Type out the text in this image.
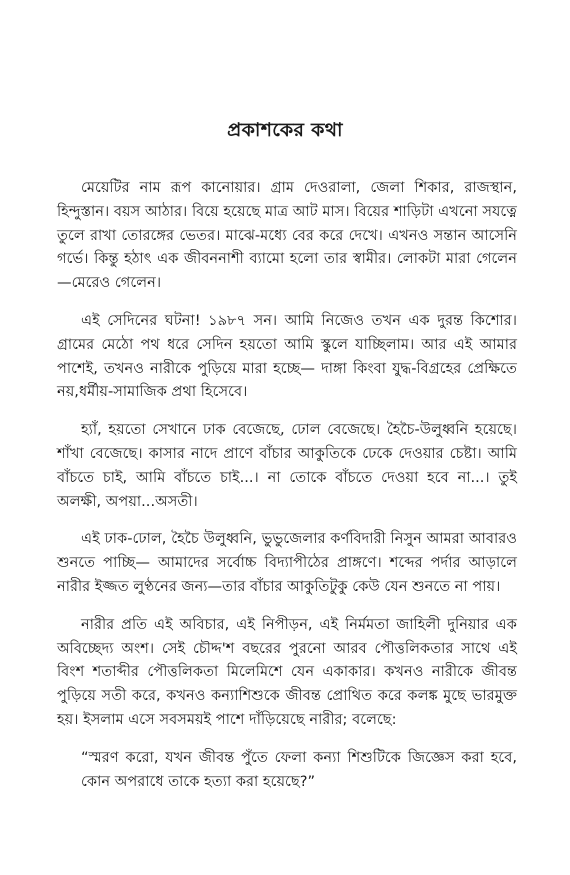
প্রকাশকের কথা

মেয়েটির নাম রূপ কানোয়ার। গ্রাম দেওরালা, জেলা শিকার, রাজস্থান, হিন্দুস্তান। বয়স আঠার। বিয়ে হয়েছে মাত্র আট মাস। বিয়ের শাড়িটা এখনো সযত্নে তুলে রাখা তোরঙ্গের ভেতর। মাঝে-মধ্যে বের করে দেখে। এখনও সন্তান আসেনি গর্ভে। কিন্তু হঠাৎ এক জীবননাশী ব্যামো হলো তার স্বামীর। লোকটা মারা গেলেন—মেরেও গেলেন।

এই সেদিনের ঘটনা! ১৯৮৭ সন। আমি নিজেও তখন এক দুরন্ত কিশোর। গ্রামের মেঠো পথ ধরে সেদিন হয়তো আমি স্কুলে যাচ্ছিলাম। আর এই আমার পাশেই, তখনও নারীকে পুড়িয়ে মারা হচ্ছে— দাঙ্গা কিংবা যুদ্ধ-বিগ্রহের প্রেক্ষিতে নয়,ধর্মীয়-সামাজিক প্রথা হিসেবে।

হ্যাঁ, হয়তো সেখানে ঢাক বেজেছে, ঢোল বেজেছে। হৈচৈ-উলুধ্বনি হয়েছে। শাঁখা বেজেছে। কাসার নাদে প্রাণে বাঁচার আকুতিকে ঢেকে দেওয়ার চেষ্টা। আমি বাঁচতে চাই, আমি বাঁচতে চাই...। না তোকে বাঁচতে দেওয়া হবে না...। তুই অলক্ষী, অপয়া...অসতী।

এই ঢাক-ঢোল, হৈচৈ উলুধ্বনি, ভুভুজেলার কর্ণবিদারী নিসুন আমরা আবারও শুনতে পাচ্ছি— আমাদের সর্বোচ্চ বিদ্যাপীঠের প্রাঙ্গণে। শব্দের পর্দার আড়ালে নারীর ইজ্জত লুণ্ঠনের জন্য—তার বাঁচার আকুতিটুকু কেউ যেন শুনতে না পায়।

নারীর প্রতি এই অবিচার, এই নিপীড়ন, এই নির্মমতা জাহিলী দুনিয়ার এক অবিচ্ছেদ্য অংশ। সেই চৌদ্দ'শ বছরের পুরনো আরব পৌত্তলিকতার সাথে এই বিংশ শতাব্দীর পৌত্তলিকতা মিলেমিশে যেন একাকার। কখনও নারীকে জীবন্ত পুড়িয়ে সতী করে, কখনও কন্যাশিশুকে জীবন্ত প্রোথিত করে কলঙ্ক মুছে ভারমুক্ত হয়। ইসলাম এসে সবসময়ই পাশে দাঁড়িয়েছে নারীর; বলেছে:

“স্মরণ করো, যখন জীবন্ত পুঁতে ফেলা কন্যা শিশুটিকে জিজ্ঞেস করা হবে, কোন অপরাধে তাকে হত্যা করা হয়েছে?”
